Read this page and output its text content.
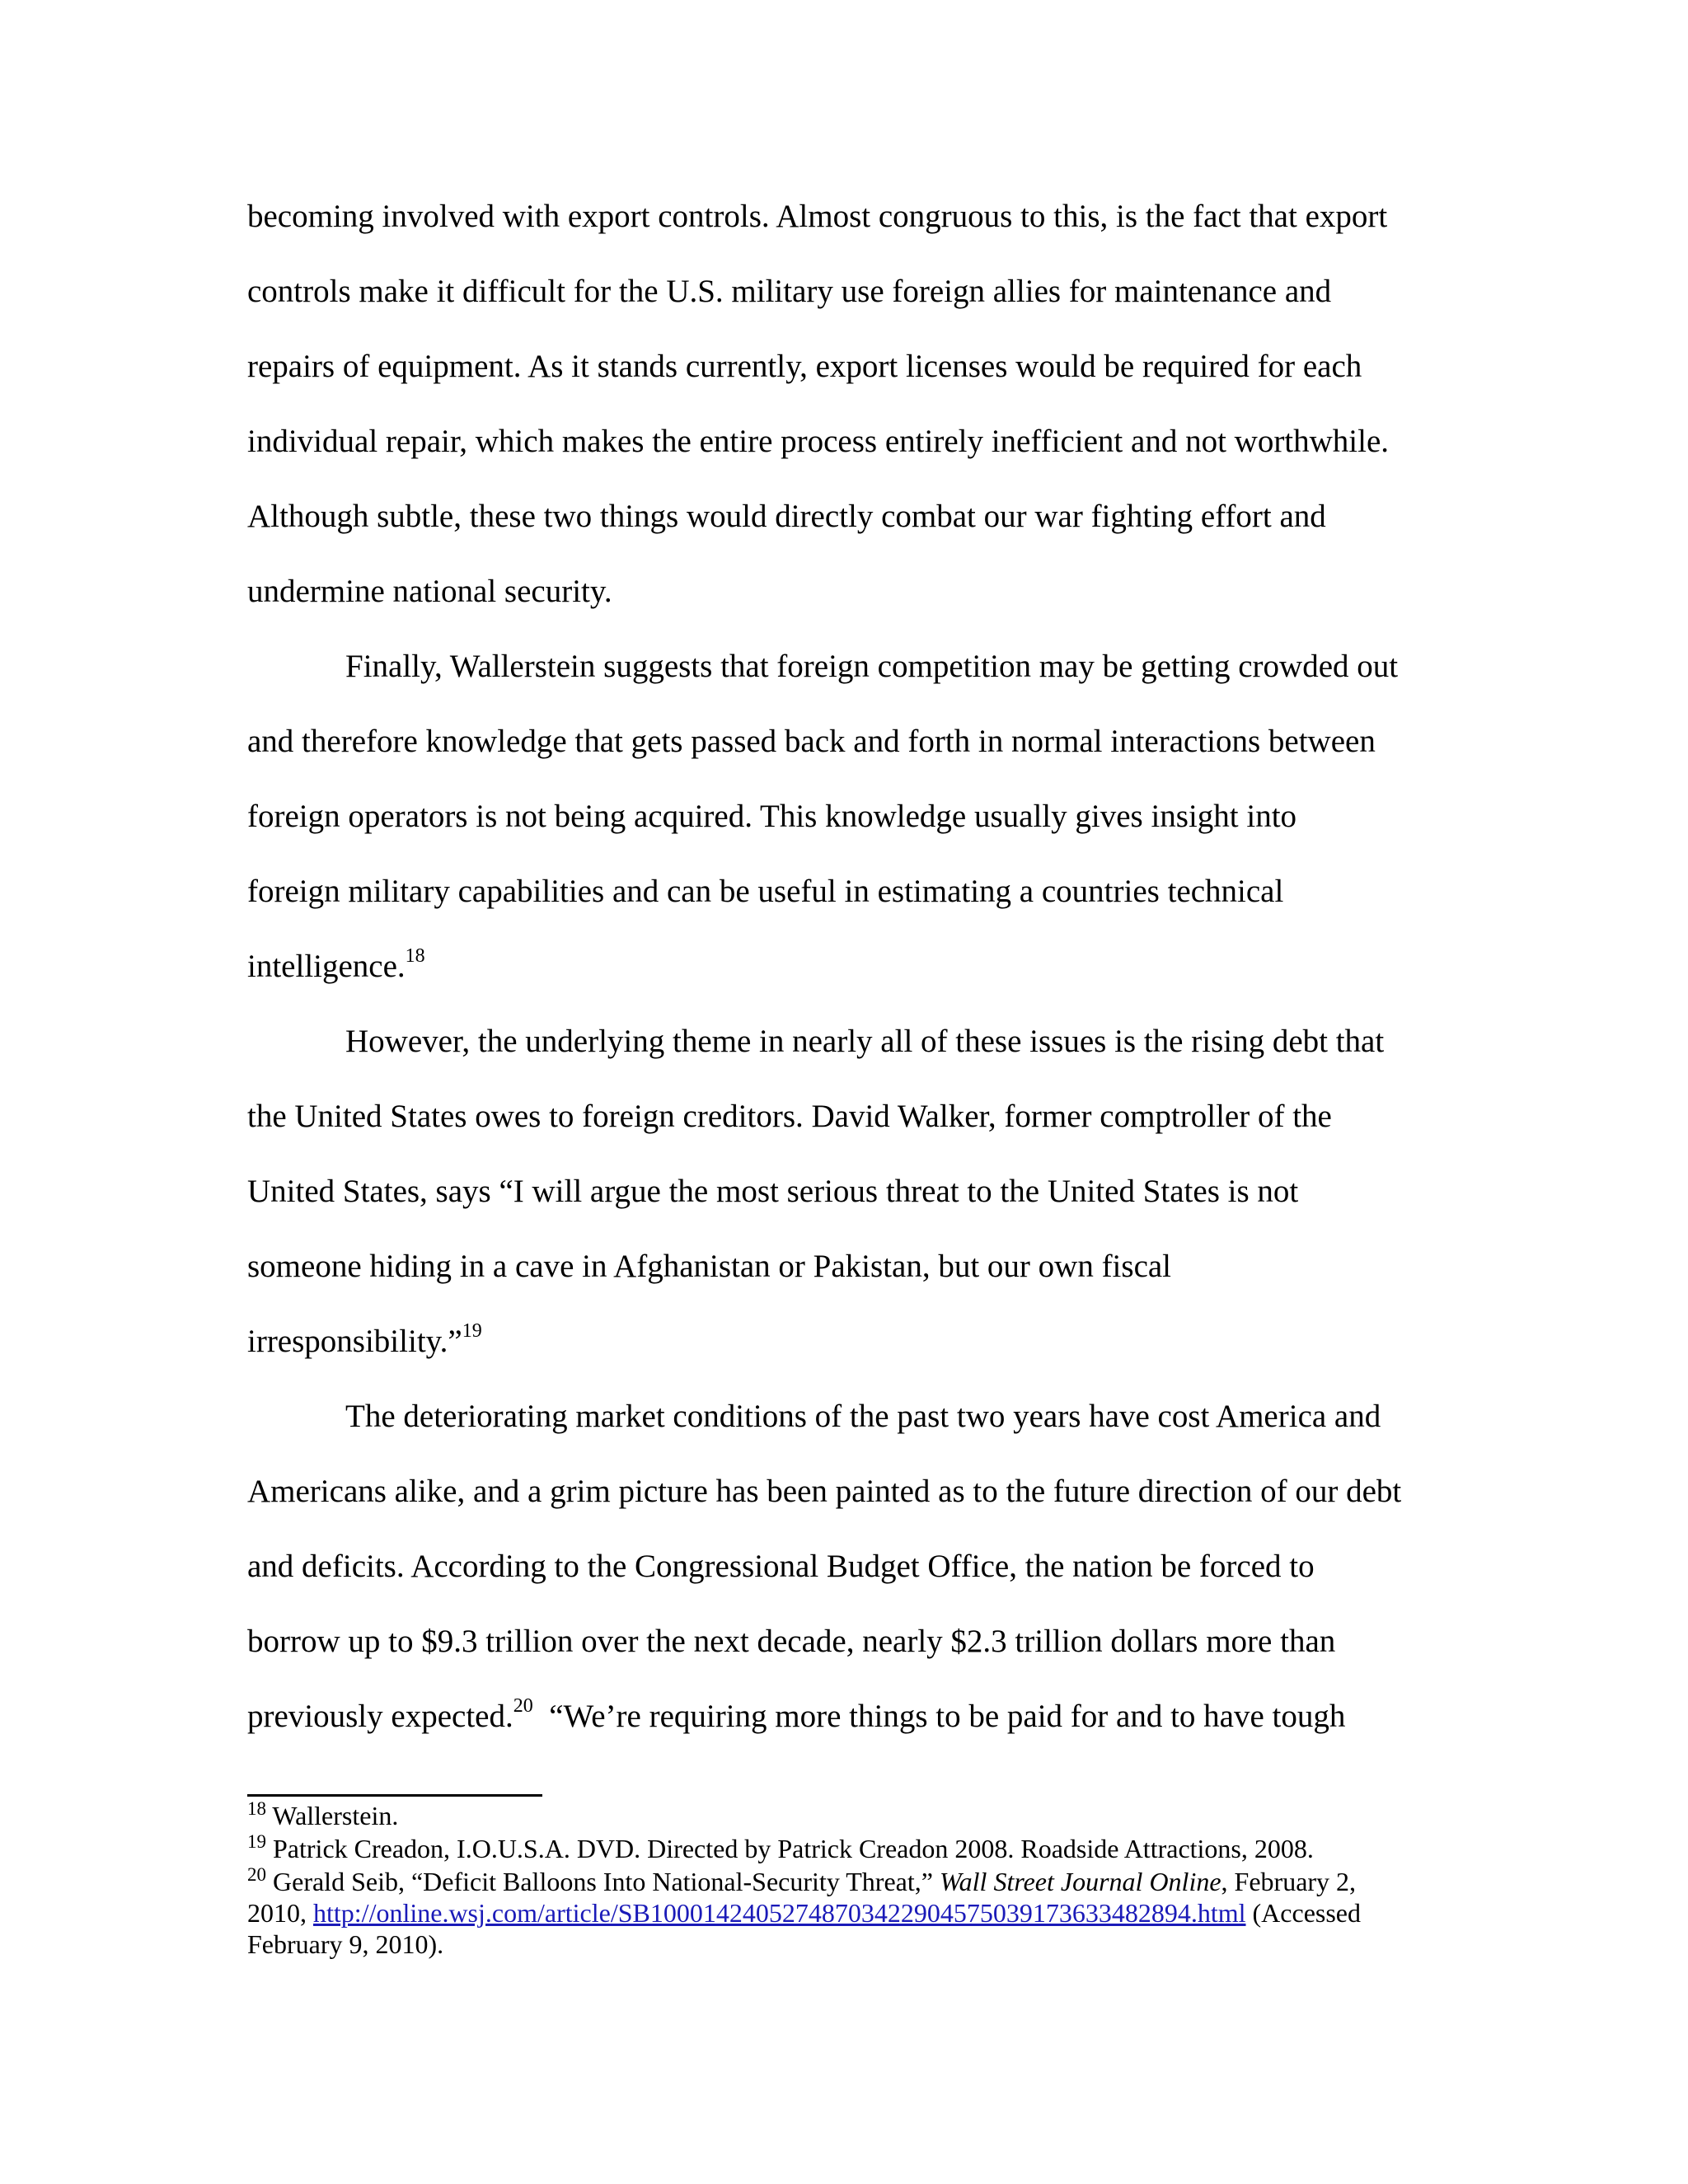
becoming involved with export controls. Almost congruous to this, is the fact that export
controls make it difficult for the U.S. military use foreign allies for maintenance and
repairs of equipment. As it stands currently, export licenses would be required for each
individual repair, which makes the entire process entirely inefficient and not worthwhile.
Although subtle, these two things would directly combat our war fighting effort and
undermine national security.
Finally, Wallerstein suggests that foreign competition may be getting crowded out
and therefore knowledge that gets passed back and forth in normal interactions between
foreign operators is not being acquired. This knowledge usually gives insight into
foreign military capabilities and can be useful in estimating a countries technical
intelligence.$^{18}$
However, the underlying theme in nearly all of these issues is the rising debt that
the United States owes to foreign creditors. David Walker, former comptroller of the
United States, says “I will argue the most serious threat to the United States is not
someone hiding in a cave in Afghanistan or Pakistan, but our own fiscal
irresponsibility.”$^{19}$
The deteriorating market conditions of the past two years have cost America and
Americans alike, and a grim picture has been painted as to the future direction of our debt
and deficits. According to the Congressional Budget Office, the nation be forced to
borrow up to $9.3 trillion over the next decade, nearly $2.3 trillion dollars more than
previously expected.$^{20}$ “We’re requiring more things to be paid for and to have tough
$^{18}$ Wallerstein.
$^{19}$ Patrick Creadon, I.O.U.S.A. DVD. Directed by Patrick Creadon 2008. Roadside Attractions, 2008.
$^{20}$ Gerald Seib, “Deficit Balloons Into National-Security Threat,” Wall Street Journal Online, February 2,
2010, http://online.wsj.com/article/SB10001424052748703422904575039173633482894.html (Accessed
February 9, 2010).
